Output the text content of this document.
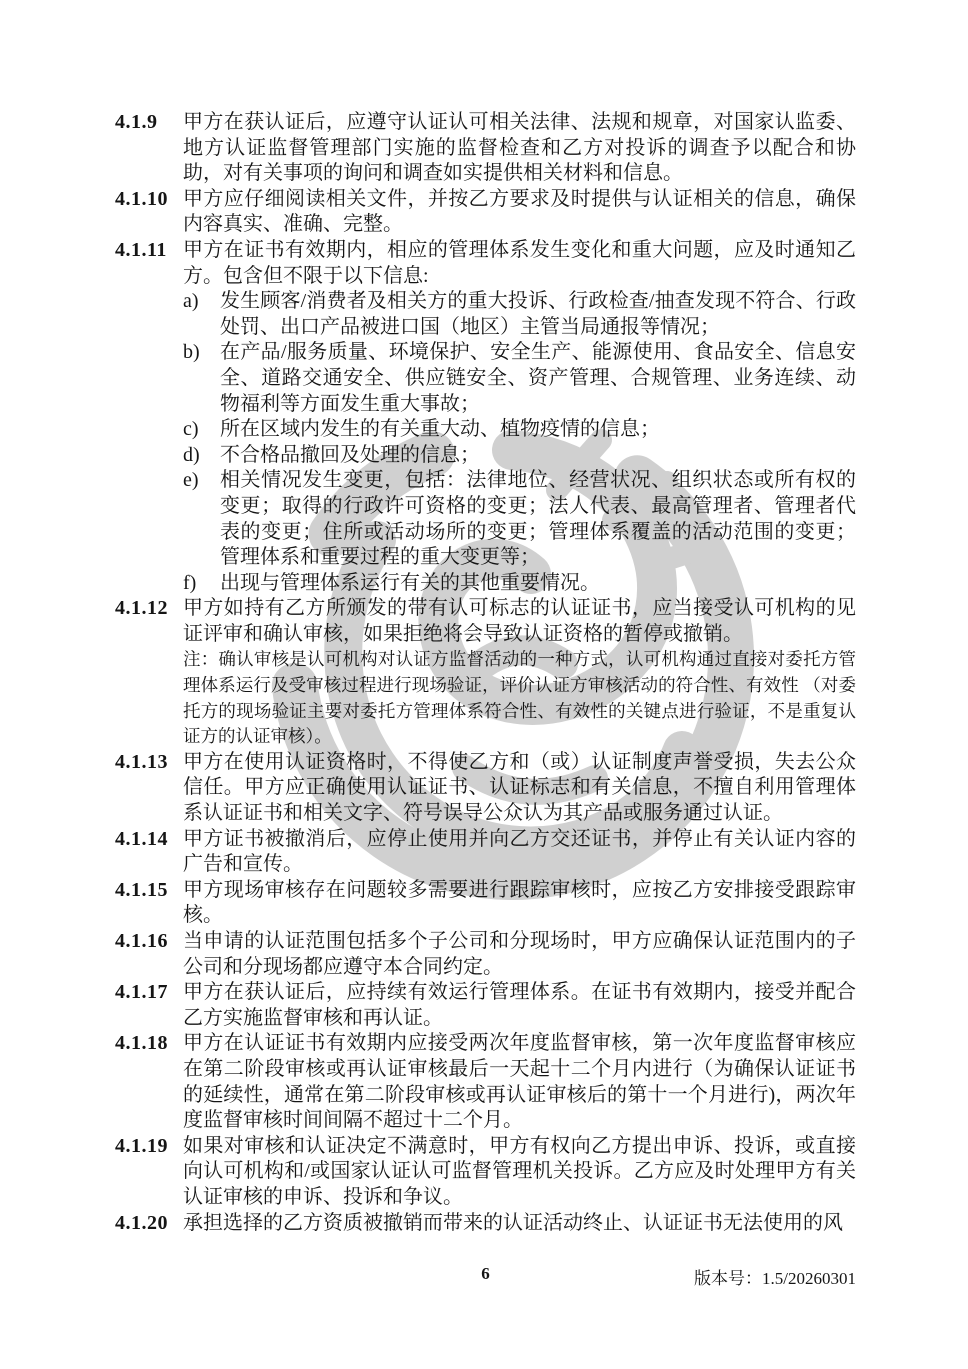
4.1.9	甲方在获认证后，应遵守认证认可相关法律、法规和规章，对国家认监委、地方认证监督管理部门实施的监督检查和乙方对投诉的调查予以配合和协助，对有关事项的询问和调查如实提供相关材料和信息。
4.1.10 甲方应仔细阅读相关文件，并按乙方要求及时提供与认证相关的信息，确保内容真实、准确、完整。
4.1.11 甲方在证书有效期内，相应的管理体系发生变化和重大问题，应及时通知乙方。包含但不限于以下信息:
a)	发生顾客/消费者及相关方的重大投诉、行政检查/抽查发现不符合、行政处罚、出口产品被进口国（地区）主管当局通报等情况；
b)	在产品/服务质量、环境保护、安全生产、能源使用、食品安全、信息安全、道路交通安全、供应链安全、资产管理、合规管理、业务连续、动物福利等方面发生重大事故；
c)	所在区域内发生的有关重大动、植物疫情的信息；
d)	不合格品撤回及处理的信息；
e)	相关情况发生变更，包括：法律地位、经营状况、组织状态或所有权的变更；取得的行政许可资格的变更；法人代表、最高管理者、管理者代表的变更；住所或活动场所的变更；管理体系覆盖的活动范围的变更；管理体系和重要过程的重大变更等；
f)	出现与管理体系运行有关的其他重要情况。
4.1.12 甲方如持有乙方所颁发的带有认可标志的认证证书，应当接受认可机构的见证评审和确认审核，如果拒绝将会导致认证资格的暂停或撤销。
注：确认审核是认可机构对认证方监督活动的一种方式，认可机构通过直接对委托方管理体系运行及受审核过程进行现场验证，评价认证方审核活动的符合性、有效性 （对委托方的现场验证主要对委托方管理体系符合性、有效性的关键点进行验证，不是重复认证方的认证审核）。
4.1.13 甲方在使用认证资格时，不得使乙方和（或）认证制度声誉受损，失去公众信任。甲方应正确使用认证证书、认证标志和有关信息，不擅自利用管理体系认证证书和相关文字、符号误导公众认为其产品或服务通过认证。
4.1.14 甲方证书被撤消后，应停止使用并向乙方交还证书，并停止有关认证内容的广告和宣传。
4.1.15 甲方现场审核存在问题较多需要进行跟踪审核时，应按乙方安排接受跟踪审核。
4.1.16 当申请的认证范围包括多个子公司和分现场时，甲方应确保认证范围内的子公司和分现场都应遵守本合同约定。
4.1.17 甲方在获认证后，应持续有效运行管理体系。在证书有效期内，接受并配合乙方实施监督审核和再认证。
4.1.18 甲方在认证证书有效期内应接受两次年度监督审核，第一次年度监督审核应在第二阶段审核或再认证审核最后一天起十二个月内进行（为确保认证证书的延续性，通常在第二阶段审核或再认证审核后的第十一个月进行)，两次年度监督审核时间间隔不超过十二个月。
4.1.19 如果对审核和认证决定不满意时，甲方有权向乙方提出申诉、投诉，或直接向认可机构和/或国家认证认可监督管理机关投诉。乙方应及时处理甲方有关认证审核的申诉、投诉和争议。
4.1.20 承担选择的乙方资质被撤销而带来的认证活动终止、认证证书无法使用的风
6	版本号：1.5/20260301
